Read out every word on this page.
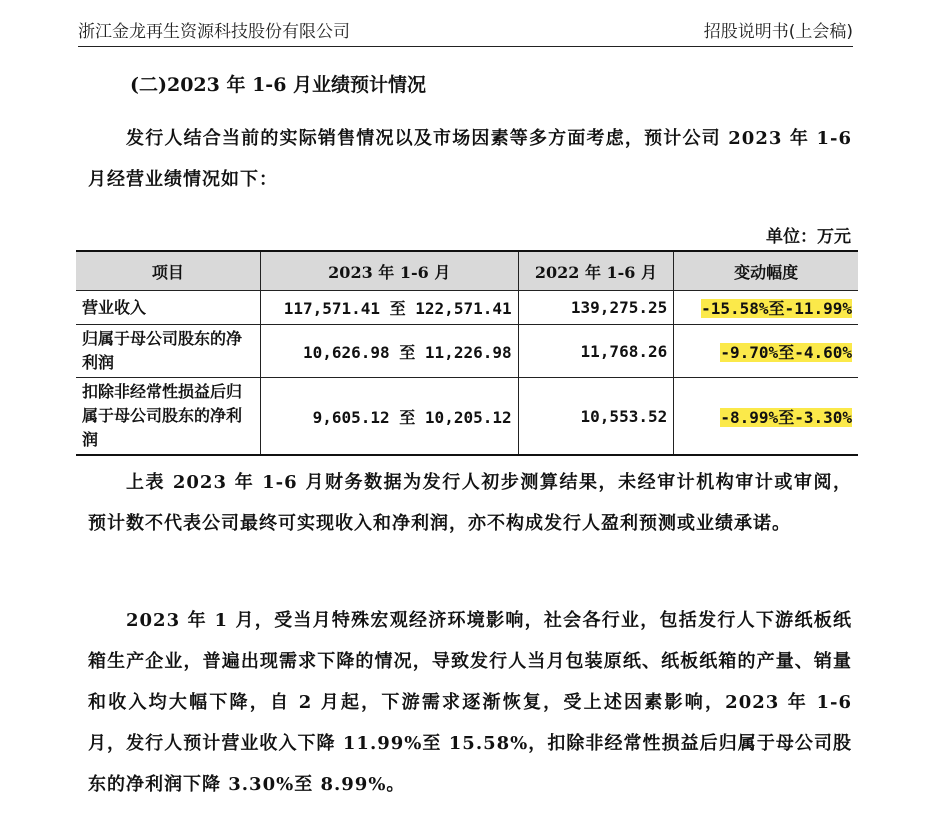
浙江金龙再生资源科技股份有限公司	招股说明书(上会稿)
(二)2023 年 1-6 月业绩预计情况
发行人结合当前的实际销售情况以及市场因素等多方面考虑，预计公司 2023 年 1-6 月经营业绩情况如下：
单位：万元
项目	2023 年 1-6 月	2022 年 1-6 月	变动幅度
营业收入	117,571.41 至 122,571.41	139,275.25	-15.58%至-11.99%
归属于母公司股东的净利润	10,626.98 至 11,226.98	11,768.26	-9.70%至-4.60%
扣除非经常性损益后归属于母公司股东的净利润	9,605.12 至 10,205.12	10,553.52	-8.99%至-3.30%
上表 2023 年 1-6 月财务数据为发行人初步测算结果，未经审计机构审计或审阅，预计数不代表公司最终可实现收入和净利润，亦不构成发行人盈利预测或业绩承诺。
2023 年 1 月，受当月特殊宏观经济环境影响，社会各行业，包括发行人下游纸板纸箱生产企业，普遍出现需求下降的情况，导致发行人当月包装原纸、纸板纸箱的产量、销量和收入均大幅下降，自 2 月起，下游需求逐渐恢复，受上述因素影响，2023 年 1-6 月，发行人预计营业收入下降 11.99%至 15.58%，扣除非经常性损益后归属于母公司股东的净利润下降 3.30%至 8.99%。
